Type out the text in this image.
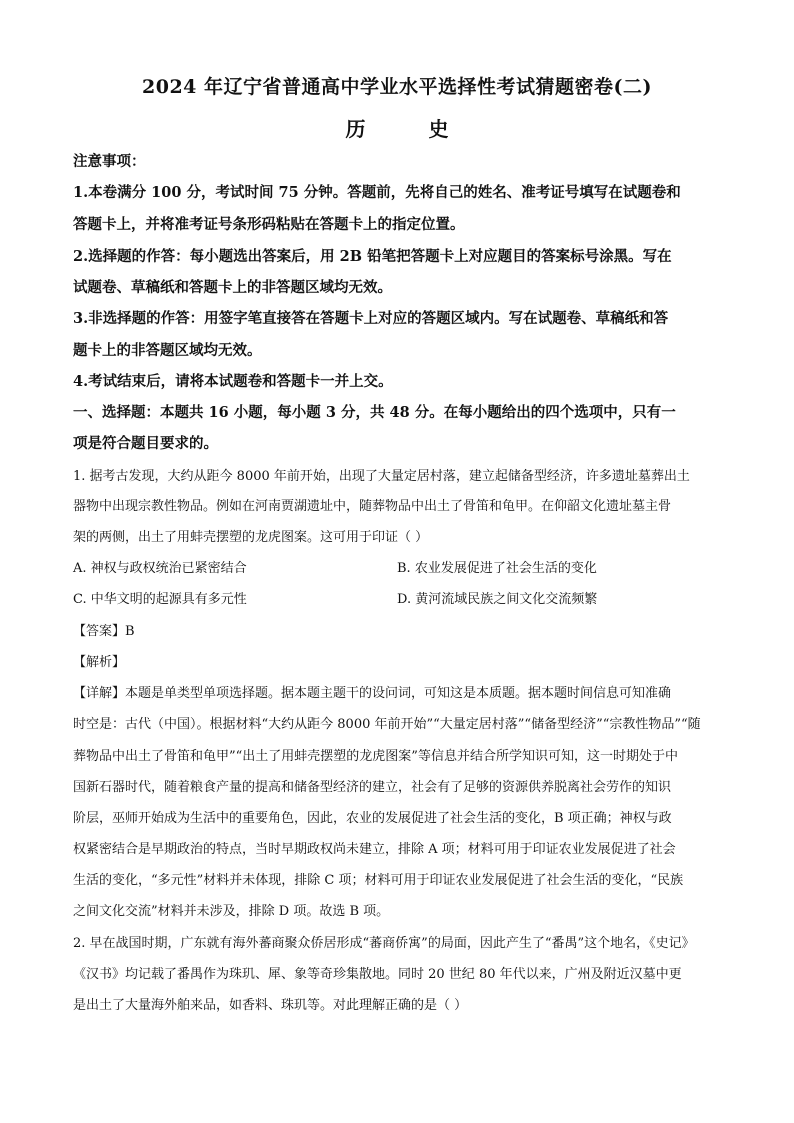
2024 年辽宁省普通高中学业水平选择性考试猜题密卷(二)
历 史
注意事项：
1.本卷满分 100 分，考试时间 75 分钟。答题前，先将自己的姓名、准考证号填写在试题卷和
答题卡上，并将准考证号条形码粘贴在答题卡上的指定位置。
2.选择题的作答：每小题选出答案后，用 2B 铅笔把答题卡上对应题目的答案标号涂黑。写在
试题卷、草稿纸和答题卡上的非答题区域均无效。
3.非选择题的作答：用签字笔直接答在答题卡上对应的答题区域内。写在试题卷、草稿纸和答
题卡上的非答题区域均无效。
4.考试结束后，请将本试题卷和答题卡一并上交。
一、选择题：本题共 16 小题，每小题 3 分，共 48 分。在每小题给出的四个选项中，只有一
项是符合题目要求的。
1. 据考古发现，大约从距今 8000 年前开始，出现了大量定居村落，建立起储备型经济，许多遗址墓葬出土
器物中出现宗教性物品。例如在河南贾湖遗址中，随葬物品中出土了骨笛和龟甲。在仰韶文化遗址墓主骨
架的两侧，出土了用蚌壳摆塑的龙虎图案。这可用于印证（ ）
A. 神权与政权统治已紧密结合	B. 农业发展促进了社会生活的变化
C. 中华文明的起源具有多元性	D. 黄河流域民族之间文化交流频繁
【答案】B
【解析】
【详解】本题是单类型单项选择题。据本题主题干的设问词，可知这是本质题。据本题时间信息可知准确
时空是：古代（中国）。根据材料“大约从距今 8000 年前开始”“大量定居村落”“储备型经济”“宗教性物品”“随
葬物品中出土了骨笛和龟甲”“出土了用蚌壳摆塑的龙虎图案”等信息并结合所学知识可知，这一时期处于中
国新石器时代，随着粮食产量的提高和储备型经济的建立，社会有了足够的资源供养脱离社会劳作的知识
阶层，巫师开始成为生活中的重要角色，因此，农业的发展促进了社会生活的变化，B 项正确；神权与政
权紧密结合是早期政治的特点，当时早期政权尚未建立，排除 A 项；材料可用于印证农业发展促进了社会
生活的变化，“多元性”材料并未体现，排除 C 项；材料可用于印证农业发展促进了社会生活的变化，“民族
之间文化交流”材料并未涉及，排除 D 项。故选 B 项。
2. 早在战国时期，广东就有海外蕃商聚众侨居形成“蕃商侨寓”的局面，因此产生了“番禺”这个地名，《史记》
《汉书》均记载了番禺作为珠玑、犀、象等奇珍集散地。同时 20 世纪 80 年代以来，广州及附近汉墓中更
是出土了大量海外舶来品，如香料、珠玑等。对此理解正确的是（ ）
